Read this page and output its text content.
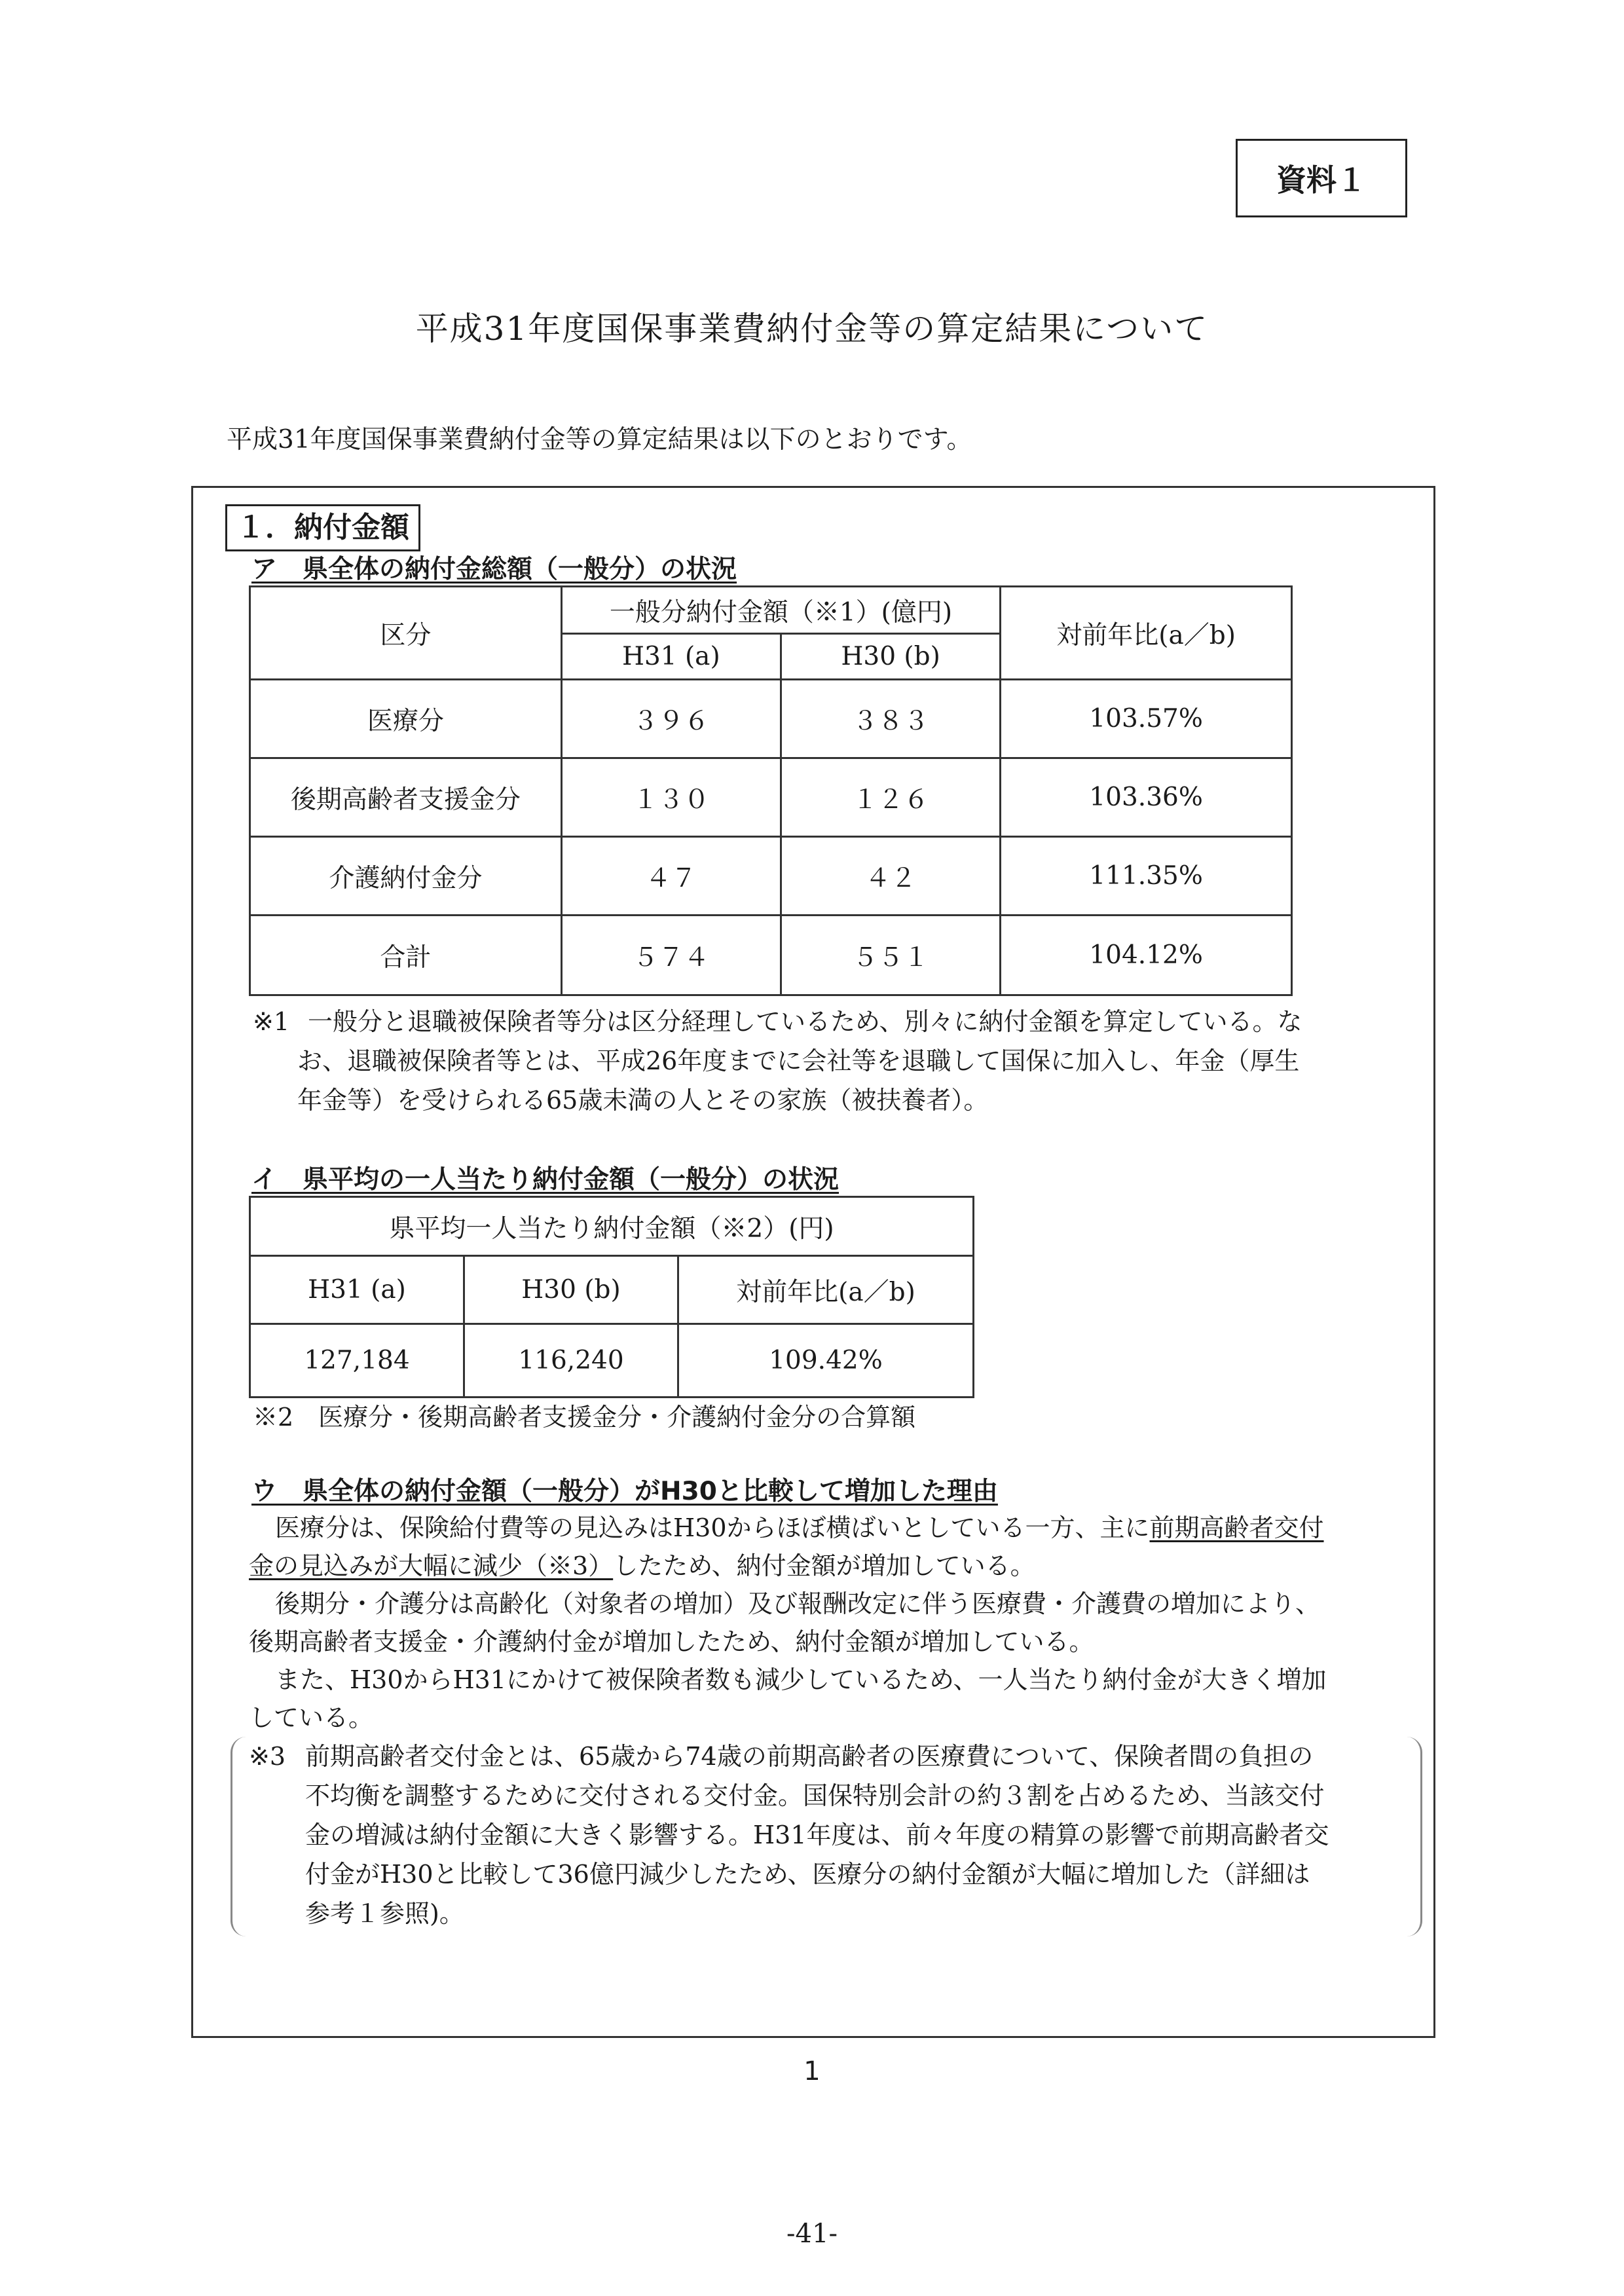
資料１
平成31年度国保事業費納付金等の算定結果について
平成31年度国保事業費納付金等の算定結果は以下のとおりです。
１．納付金額
ア　県全体の納付金総額（一般分）の状況
区分	一般分納付金額（※1）(億円)		対前年比(a／b)
	H31 (a)	H30 (b)	
医療分	３９６	３８３	103.57%
後期高齢者支援金分	１３０	１２６	103.36%
介護納付金分	４７	４２	111.35%
合計	５７４	５５１	104.12%
※1 一般分と退職被保険者等分は区分経理しているため、別々に納付金額を算定している。な
お、退職被保険者等とは、平成26年度までに会社等を退職して国保に加入し、年金（厚生
年金等）を受けられる65歳未満の人とその家族（被扶養者）。
イ　県平均の一人当たり納付金額（一般分）の状況
県平均一人当たり納付金額（※2）(円)		
H31 (a)	H30 (b)	対前年比(a／b)
127,184	116,240	109.42%
※2　医療分・後期高齢者支援金分・介護納付金分の合算額
ウ　県全体の納付金額（一般分）がH30と比較して増加した理由
医療分は、保険給付費等の見込みはH30からほぼ横ばいとしている一方、主に前期高齢者交付
金の見込みが大幅に減少（※3）したため、納付金額が増加している。
後期分・介護分は高齢化（対象者の増加）及び報酬改定に伴う医療費・介護費の増加により、
後期高齢者支援金・介護納付金が増加したため、納付金額が増加している。
また、H30からH31にかけて被保険者数も減少しているため、一人当たり納付金が大きく増加
している。
※3 前期高齢者交付金とは、65歳から74歳の前期高齢者の医療費について、保険者間の負担の
不均衡を調整するために交付される交付金。国保特別会計の約３割を占めるため、当該交付
金の増減は納付金額に大きく影響する。H31年度は、前々年度の精算の影響で前期高齢者交
付金がH30と比較して36億円減少したため、医療分の納付金額が大幅に増加した（詳細は
参考１参照)。
1
-41-
